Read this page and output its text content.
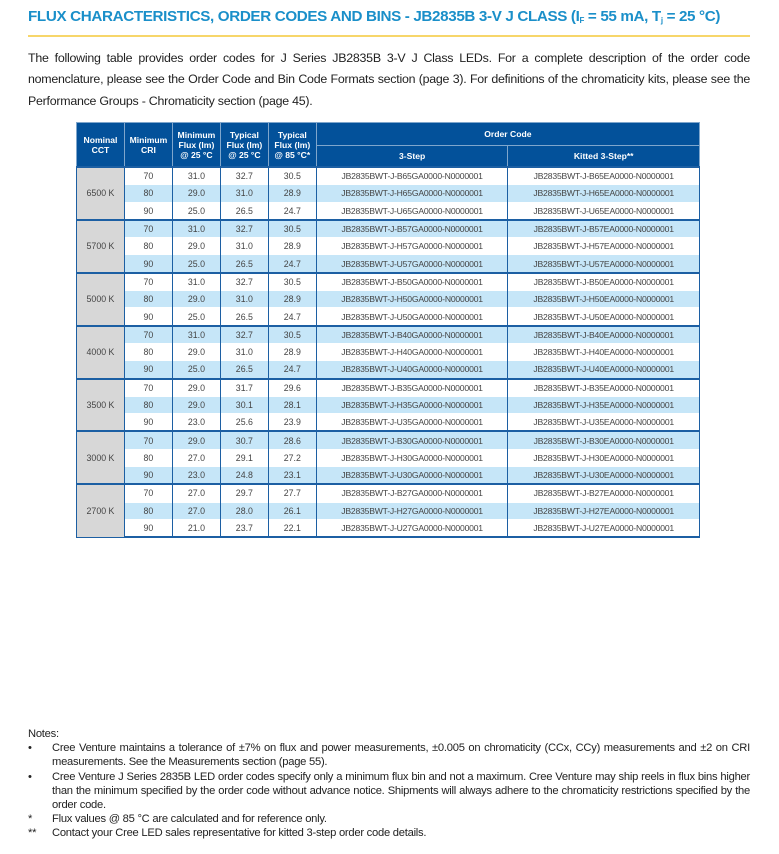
FLUX CHARACTERISTICS, ORDER CODES AND BINS - JB2835B 3-V J CLASS ($I_F = 55$ mA, $T_j = 25$ °C)

The following table provides order codes for J Series JB2835B 3-V J Class LEDs. For a complete description of the order code nomenclature, please see the Order Code and Bin Code Formats section (page 3). For definitions of the chromaticity kits, please see the Performance Groups - Chromaticity section (page 45).

Nominal
CCT	Minimum
CRI	Minimum
Flux (lm)
@ 25 °C	Typical
Flux (lm)
@ 25 °C	Typical
Flux (lm)
@ 85 °C*	Order Code	
					3-Step	Kitted 3-Step**
6500 K	70	31.0	32.7	30.5	JB2835BWT-J-B65GA0000-N0000001	JB2835BWT-J-B65EA0000-N0000001
	80	29.0	31.0	28.9	JB2835BWT-J-H65GA0000-N0000001	JB2835BWT-J-H65EA0000-N0000001
	90	25.0	26.5	24.7	JB2835BWT-J-U65GA0000-N0000001	JB2835BWT-J-U65EA0000-N0000001
5700 K	70	31.0	32.7	30.5	JB2835BWT-J-B57GA0000-N0000001	JB2835BWT-J-B57EA0000-N0000001
	80	29.0	31.0	28.9	JB2835BWT-J-H57GA0000-N0000001	JB2835BWT-J-H57EA0000-N0000001
	90	25.0	26.5	24.7	JB2835BWT-J-U57GA0000-N0000001	JB2835BWT-J-U57EA0000-N0000001
5000 K	70	31.0	32.7	30.5	JB2835BWT-J-B50GA0000-N0000001	JB2835BWT-J-B50EA0000-N0000001
	80	29.0	31.0	28.9	JB2835BWT-J-H50GA0000-N0000001	JB2835BWT-J-H50EA0000-N0000001
	90	25.0	26.5	24.7	JB2835BWT-J-U50GA0000-N0000001	JB2835BWT-J-U50EA0000-N0000001
4000 K	70	31.0	32.7	30.5	JB2835BWT-J-B40GA0000-N0000001	JB2835BWT-J-B40EA0000-N0000001
	80	29.0	31.0	28.9	JB2835BWT-J-H40GA0000-N0000001	JB2835BWT-J-H40EA0000-N0000001
	90	25.0	26.5	24.7	JB2835BWT-J-U40GA0000-N0000001	JB2835BWT-J-U40EA0000-N0000001
3500 K	70	29.0	31.7	29.6	JB2835BWT-J-B35GA0000-N0000001	JB2835BWT-J-B35EA0000-N0000001
	80	29.0	30.1	28.1	JB2835BWT-J-H35GA0000-N0000001	JB2835BWT-J-H35EA0000-N0000001
	90	23.0	25.6	23.9	JB2835BWT-J-U35GA0000-N0000001	JB2835BWT-J-U35EA0000-N0000001
3000 K	70	29.0	30.7	28.6	JB2835BWT-J-B30GA0000-N0000001	JB2835BWT-J-B30EA0000-N0000001
	80	27.0	29.1	27.2	JB2835BWT-J-H30GA0000-N0000001	JB2835BWT-J-H30EA0000-N0000001
	90	23.0	24.8	23.1	JB2835BWT-J-U30GA0000-N0000001	JB2835BWT-J-U30EA0000-N0000001
2700 K	70	27.0	29.7	27.7	JB2835BWT-J-B27GA0000-N0000001	JB2835BWT-J-B27EA0000-N0000001
	80	27.0	28.0	26.1	JB2835BWT-J-H27GA0000-N0000001	JB2835BWT-J-H27EA0000-N0000001
	90	21.0	23.7	22.1	JB2835BWT-J-U27GA0000-N0000001	JB2835BWT-J-U27EA0000-N0000001
Notes:
•	Cree Venture maintains a tolerance of ±7% on flux and power measurements, ±0.005 on chromaticity (CCx, CCy) measurements and ±2 on CRI measurements. See the Measurements section (page 55).
•	Cree Venture J Series 2835B LED order codes specify only a minimum flux bin and not a maximum. Cree Venture may ship reels in flux bins higher than the minimum specified by the order code without advance notice. Shipments will always adhere to the chromaticity restrictions specified by the order code.
*	Flux values @ 85 °C are calculated and for reference only.
**	Contact your Cree LED sales representative for kitted 3-step order code details.
